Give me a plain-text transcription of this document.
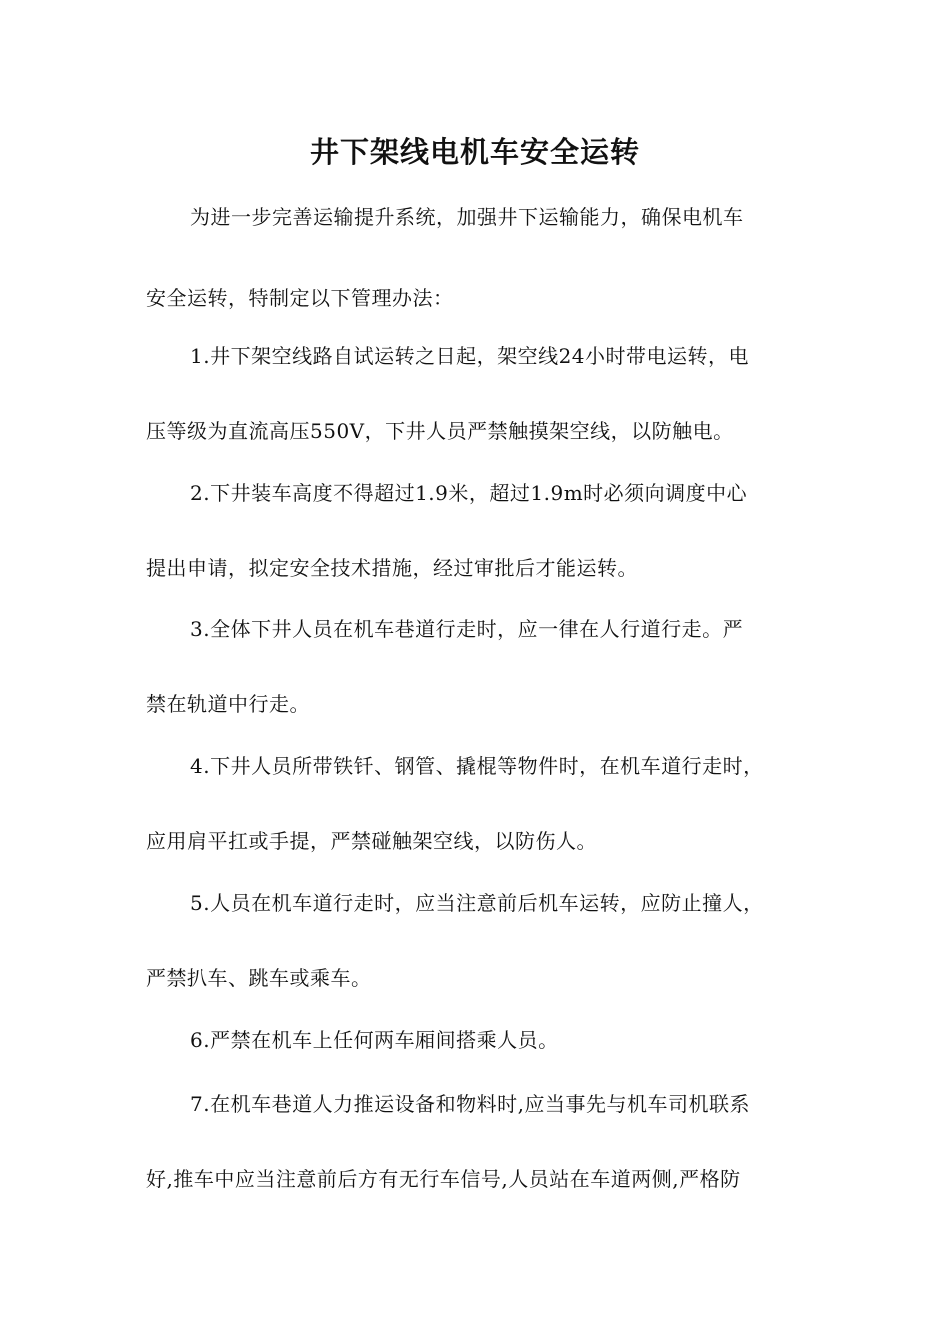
井下架线电机车安全运转
为进一步完善运输提升系统，加强井下运输能力，确保电机车
安全运转，特制定以下管理办法：
1.井下架空线路自试运转之日起，架空线24小时带电运转，电
压等级为直流高压550V，下井人员严禁触摸架空线，以防触电。
2.下井装车高度不得超过1.9米，超过1.9m时必须向调度中心
提出申请，拟定安全技术措施，经过审批后才能运转。
3.全体下井人员在机车巷道行走时，应一律在人行道行走。严
禁在轨道中行走。
4.下井人员所带铁钎、钢管、撬棍等物件时，在机车道行走时，
应用肩平扛或手提，严禁碰触架空线，以防伤人。
5.人员在机车道行走时，应当注意前后机车运转，应防止撞人，
严禁扒车、跳车或乘车。
6.严禁在机车上任何两车厢间搭乘人员。
7.在机车巷道人力推运设备和物料时,应当事先与机车司机联系
好,推车中应当注意前后方有无行车信号,人员站在车道两侧,严格防
